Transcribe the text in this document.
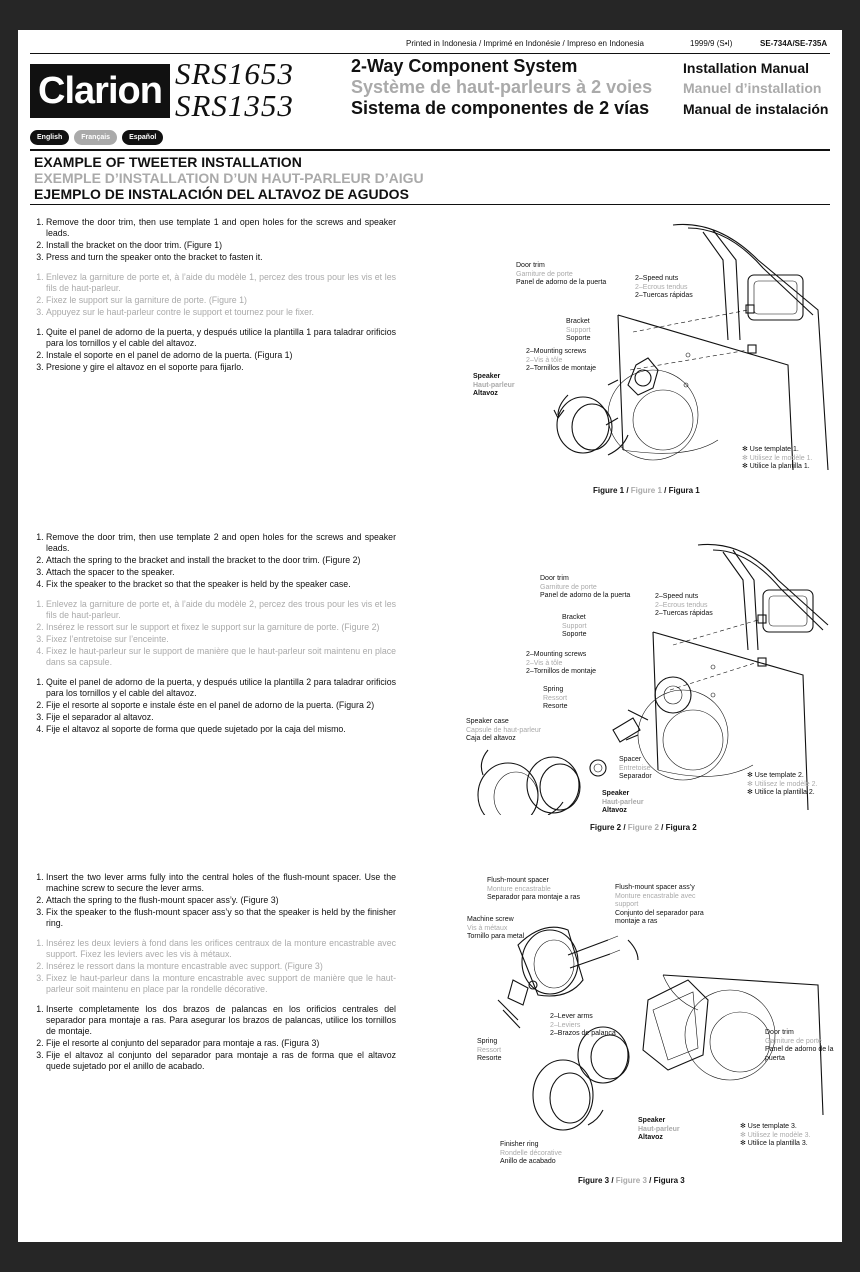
Printed in Indonesia / Imprimé en Indonésie / Impreso en Indonesia	1999/9 (S•I)	SE-734A/SE-735A
Clarion SRS1653
SRS1353
2-Way Component System
Système de haut-parleurs à 2 voies
Sistema de componentes de 2 vías
Installation Manual
Manuel d’installation
Manual de instalación
English	Français	Español
EXAMPLE OF TWEETER INSTALLATION
EXEMPLE D’INSTALLATION D’UN HAUT-PARLEUR D’AIGU
EJEMPLO DE INSTALACIÓN DEL ALTAVOZ DE AGUDOS
1. Remove the door trim, then use template 1 and open holes for the screws and speaker leads.
2. Install the bracket on the door trim. (Figure 1)
3. Press and turn the speaker onto the bracket to fasten it.
1. Enlevez la garniture de porte et, à l’aide du modèle 1, percez des trous pour les vis et les fils de haut-parleur.
2. Fixez le support sur la garniture de porte. (Figure 1)
3. Appuyez sur le haut-parleur contre le support et tournez pour le fixer.
1. Quite el panel de adorno de la puerta, y después utilice la plantilla 1 para taladrar orificios para los tornillos y el cable del altavoz.
2. Instale el soporte en el panel de adorno de la puerta. (Figura 1)
3. Presione y gire el altavoz en el soporte para fijarlo.
Door trim
Garniture de porte
Panel de adorno de la puerta
2–Speed nuts
2–Ecrous tendus
2–Tuercas rápidas
Bracket
Support
Soporte
2–Mounting screws
2–Vis à tôle
2–Tornillos de montaje
Speaker
Haut-parleur
Altavoz
✻ Use template 1.
✻ Utilisez le modèle 1.
✻ Utilice la plantilla 1.
Figure 1 / Figure 1 / Figura 1
1. Remove the door trim, then use template 2 and open holes for the screws and speaker leads.
2. Attach the spring to the bracket and install the bracket to the door trim. (Figure 2)
3. Attach the spacer to the speaker.
4. Fix the speaker to the bracket so that the speaker is held by the speaker case.
1. Enlevez la garniture de porte et, à l’aide du modèle 2, percez des trous pour les vis et les fils de haut-parleur.
2. Insérez le ressort sur le support et fixez le support sur la garniture de porte. (Figure 2)
3. Fixez l’entretoise sur l’enceinte.
4. Fixez le haut-parleur sur le support de manière que le haut-parleur soit maintenu en place dans sa capsule.
1. Quite el panel de adorno de la puerta, y después utilice la plantilla 2 para taladrar orificios para los tornillos y el cable del altavoz.
2. Fije el resorte al soporte e instale éste en el panel de adorno de la puerta. (Figura 2)
3. Fije el separador al altavoz.
4. Fije el altavoz al soporte de forma que quede sujetado por la caja del mismo.
Door trim
Garniture de porte
Panel de adorno de la puerta	2–Speed nuts
2–Ecrous tendus
2–Tuercas rápidas
Bracket
Support
Soporte
2–Mounting screws
2–Vis à tôle
2–Tornillos de montaje
Spring
Ressort
Resorte
Speaker case
Capsule de haut-parleur
Caja del altavoz
Spacer
Entretoise
Separador
Speaker
Haut-parleur
Altavoz
✻ Use template 2.
✻ Utilisez le modèle 2.
✻ Utilice la plantilla 2.
Figure 2 / Figure 2 / Figura 2
1. Insert the two lever arms fully into the central holes of the flush-mount spacer. Use the machine screw to secure the lever arms.
2. Attach the spring to the flush-mount spacer ass’y. (Figure 3)
3. Fix the speaker to the flush-mount spacer ass’y so that the speaker is held by the finisher ring.
1. Insérez les deux leviers à fond dans les orifices centraux de la monture encastrable avec support. Fixez les leviers avec les vis à métaux.
2. Insérez le ressort dans la monture encastrable avec support. (Figure 3)
3. Fixez le haut-parleur dans la monture encastrable avec support de manière que le haut-parleur soit maintenu en place par la rondelle décorative.
1. Inserte completamente los dos brazos de palancas en los orificios centrales del separador para montaje a ras. Para asegurar los brazos de palancas, utilice los tornillos de montaje.
2. Fije el resorte al conjunto del separador para montaje a ras. (Figura 3)
3. Fije el altavoz al conjunto del separador para montaje a ras de forma que el altavoz quede sujetado por el anillo de acabado.
Flush-mount spacer
Monture encastrable
Separador para montaje a ras
Flush-mount spacer ass’y
Monture encastrable avec support
Conjunto del separador para montaje a ras
Machine screw
Vis à métaux
Tornillo para metal
2–Lever arms
2–Leviers
2–Brazos de palanca
Spring
Ressort
Resorte
Door trim
Garniture de porte
Panel de adorno de la puerta
Speaker
Haut-parleur
Altavoz
✻ Use template 3.
✻ Utilisez le modèle 3.
✻ Utilice la plantilla 3.
Finisher ring
Rondelle décorative
Anillo de acabado
Figure 3 / Figure 3 / Figura 3
